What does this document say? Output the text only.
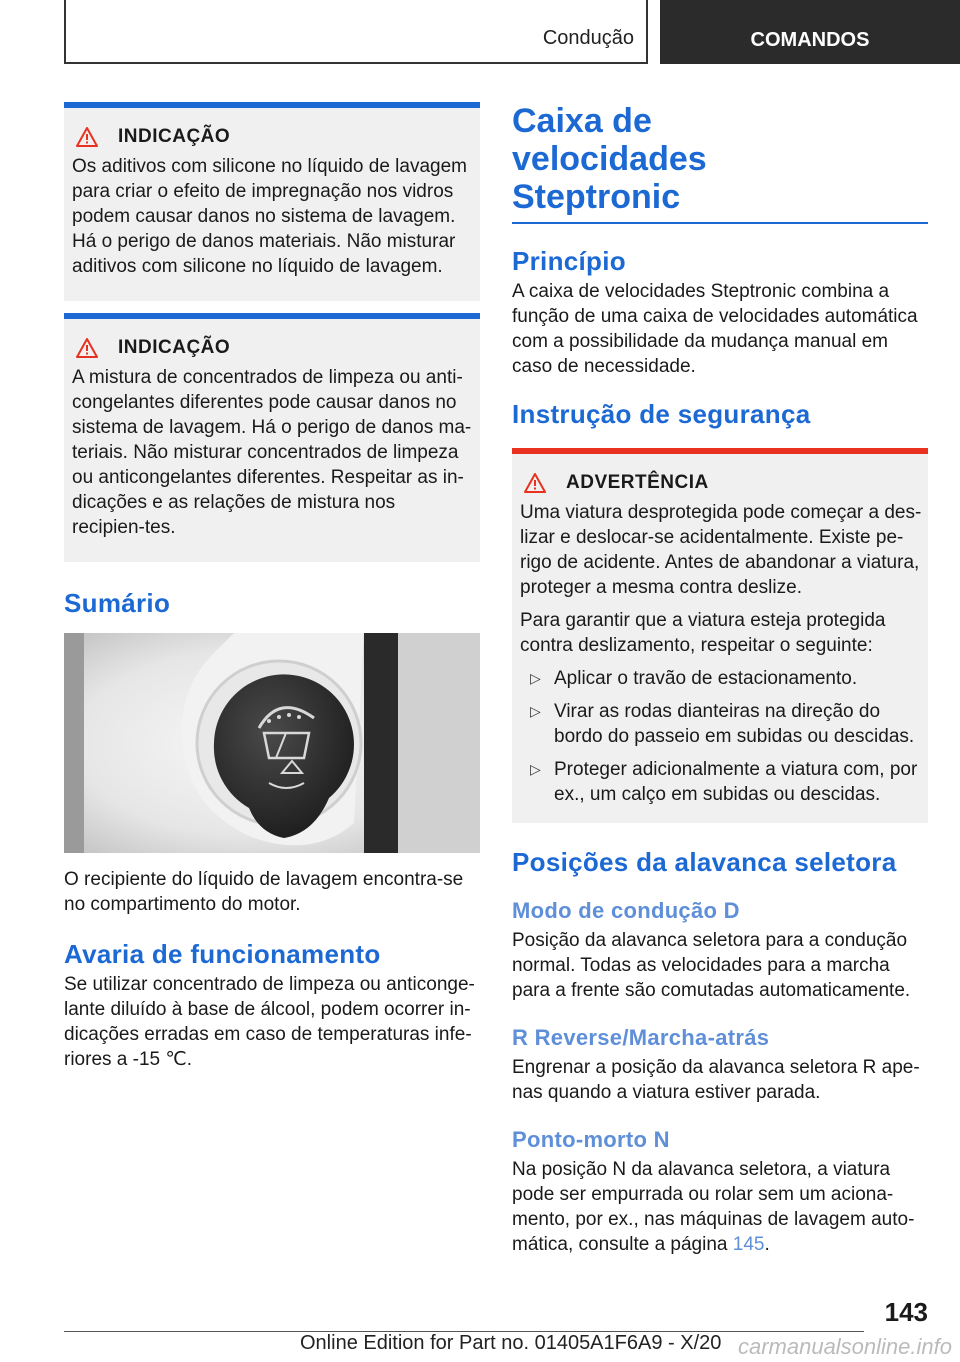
Condução	COMANDOS
INDICAÇÃO

Os aditivos com silicone no líquido de lavagem para criar o efeito de impregnação nos vidros podem causar danos no sistema de lavagem. Há o perigo de danos materiais. Não misturar aditivos com silicone no líquido de lavagem.

INDICAÇÃO

A mistura de concentrados de limpeza ou anti-congelantes diferentes pode causar danos no sistema de lavagem. Há o perigo de danos ma-teriais. Não misturar concentrados de limpeza ou anticongelantes diferentes. Respeitar as in-dicações e as relações de mistura nos recipien-tes.

Sumário

O recipiente do líquido de lavagem encontra-se no compartimento do motor.

Avaria de funcionamento

Se utilizar concentrado de limpeza ou anticonge-lante diluído à base de álcool, podem ocorrer in-dicações erradas em caso de temperaturas infe-riores a -15 ℃.

Caixa de velocidades Steptronic
Princípio

A caixa de velocidades Steptronic combina a função de uma caixa de velocidades automática com a possibilidade da mudança manual em caso de necessidade.

Instrução de segurança
ADVERTÊNCIA

Uma viatura desprotegida pode começar a des-lizar e deslocar-se acidentalmente. Existe pe-rigo de acidente. Antes de abandonar a viatura, proteger a mesma contra deslize.

Para garantir que a viatura esteja protegida contra deslizamento, respeitar o seguinte:

▷ Aplicar o travão de estacionamento.
▷ Virar as rodas dianteiras na direção do bordo do passeio em subidas ou descidas.
▷ Proteger adicionalmente a viatura com, por ex., um calço em subidas ou descidas.
Posições da alavanca seletora
Modo de condução D

Posição da alavanca seletora para a condução normal. Todas as velocidades para a marcha para a frente são comutadas automaticamente.

R Reverse/Marcha-atrás

Engrenar a posição da alavanca seletora R ape-nas quando a viatura estiver parada.

Ponto-morto N

Na posição N da alavanca seletora, a viatura pode ser empurrada ou rolar sem um aciona-mento, por ex., nas máquinas de lavagem auto-mática, consulte a página 145.

143
Online Edition for Part no. 01405A1F6A9 - X/20 carmanualsonline.info
